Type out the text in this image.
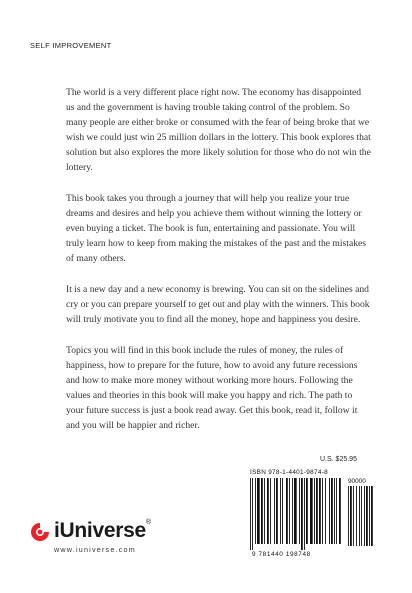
SELF IMPROVEMENT

The world is a very different place right now. The economy has disappointed us and the government is having trouble taking control of the problem. So many people are either broke or consumed with the fear of being broke that we wish we could just win 25 million dollars in the lottery. This book explores that solution but also explores the more likely solution for those who do not win the lottery.

This book takes you through a journey that will help you realize your true dreams and desires and help you achieve them without winning the lottery or even buying a ticket. The book is fun, entertaining and passionate. You will truly learn how to keep from making the mistakes of the past and the mistakes of many others.

It is a new day and a new economy is brewing. You can sit on the sidelines and cry or you can prepare yourself to get out and play with the winners. This book will truly motivate you to find all the money, hope and happiness you desire.

Topics you will find in this book include the rules of money, the rules of happiness, how to prepare for the future, how to avoid any future recessions and how to make more money without working more hours. Following the values and theories in this book will make you happy and rich. The path to your future success is just a book read away. Get this book, read it, follow it and you will be happier and richer.

U.S. $25.95
iUniverse®
www.iuniverse.com
ISBN 978-1-4401-9874-8
90000
9 781440 198748
